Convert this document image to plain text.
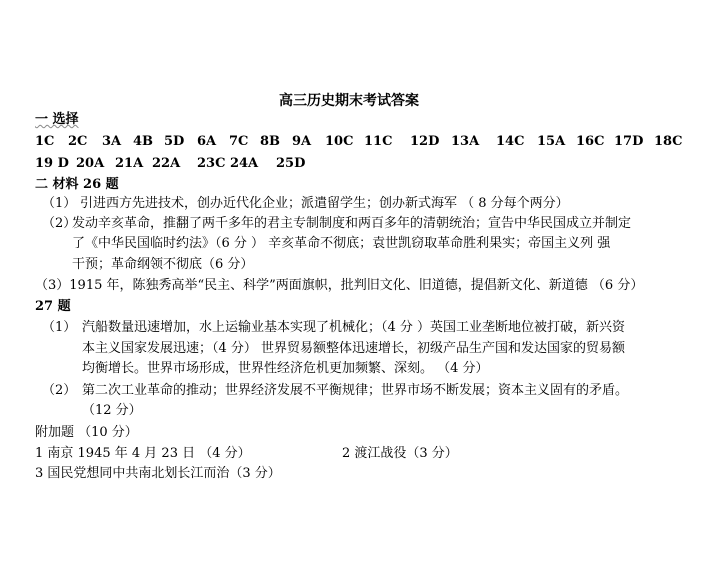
高三历史期末考试答案
一 选择
1C 2C 3A 4B 5D 6A 7C 8B 9A 10C 11C 12D 13A 14C 15A 16C 17D 18C
19 D 20A 21A 22A 23C 24A 25D
二 材料 26 题
（1） 引进西方先进技术，创办近代化企业；派遣留学生；创办新式海军 （ 8 分每个两分）
（2）
发动辛亥革命，推翻了两千多年的君主专制制度和两百多年的清朝统治；宣告中华民国成立并制定
了《中华民国临时约法》（6 分 ） 辛亥革命不彻底；袁世凯窃取革命胜利果实；帝国主义列 强
干预；革命纲领不彻底（6 分）
（3）1915 年，陈独秀高举“民主、科学”两面旗帜，批判旧文化、旧道德，提倡新文化、新道德 （6 分）
27 题
（1） 汽船数量迅速增加，水上运输业基本实现了机械化；（4 分 ）英国工业垄断地位被打破，新兴资
本主义国家发展迅速；（4 分） 世界贸易额整体迅速增长，初级产品生产国和发达国家的贸易额
均衡增长。世界市场形成，世界性经济危机更加频繁、深刻。 （4 分）
（2） 第二次工业革命的推动；世界经济发展不平衡规律；世界市场不断发展；资本主义固有的矛盾。
（12 分）
附加题 （10 分）
1 南京 1945 年 4 月 23 日 （4 分）	2 渡江战役（3 分）
3 国民党想同中共南北划长江而治（3 分）
